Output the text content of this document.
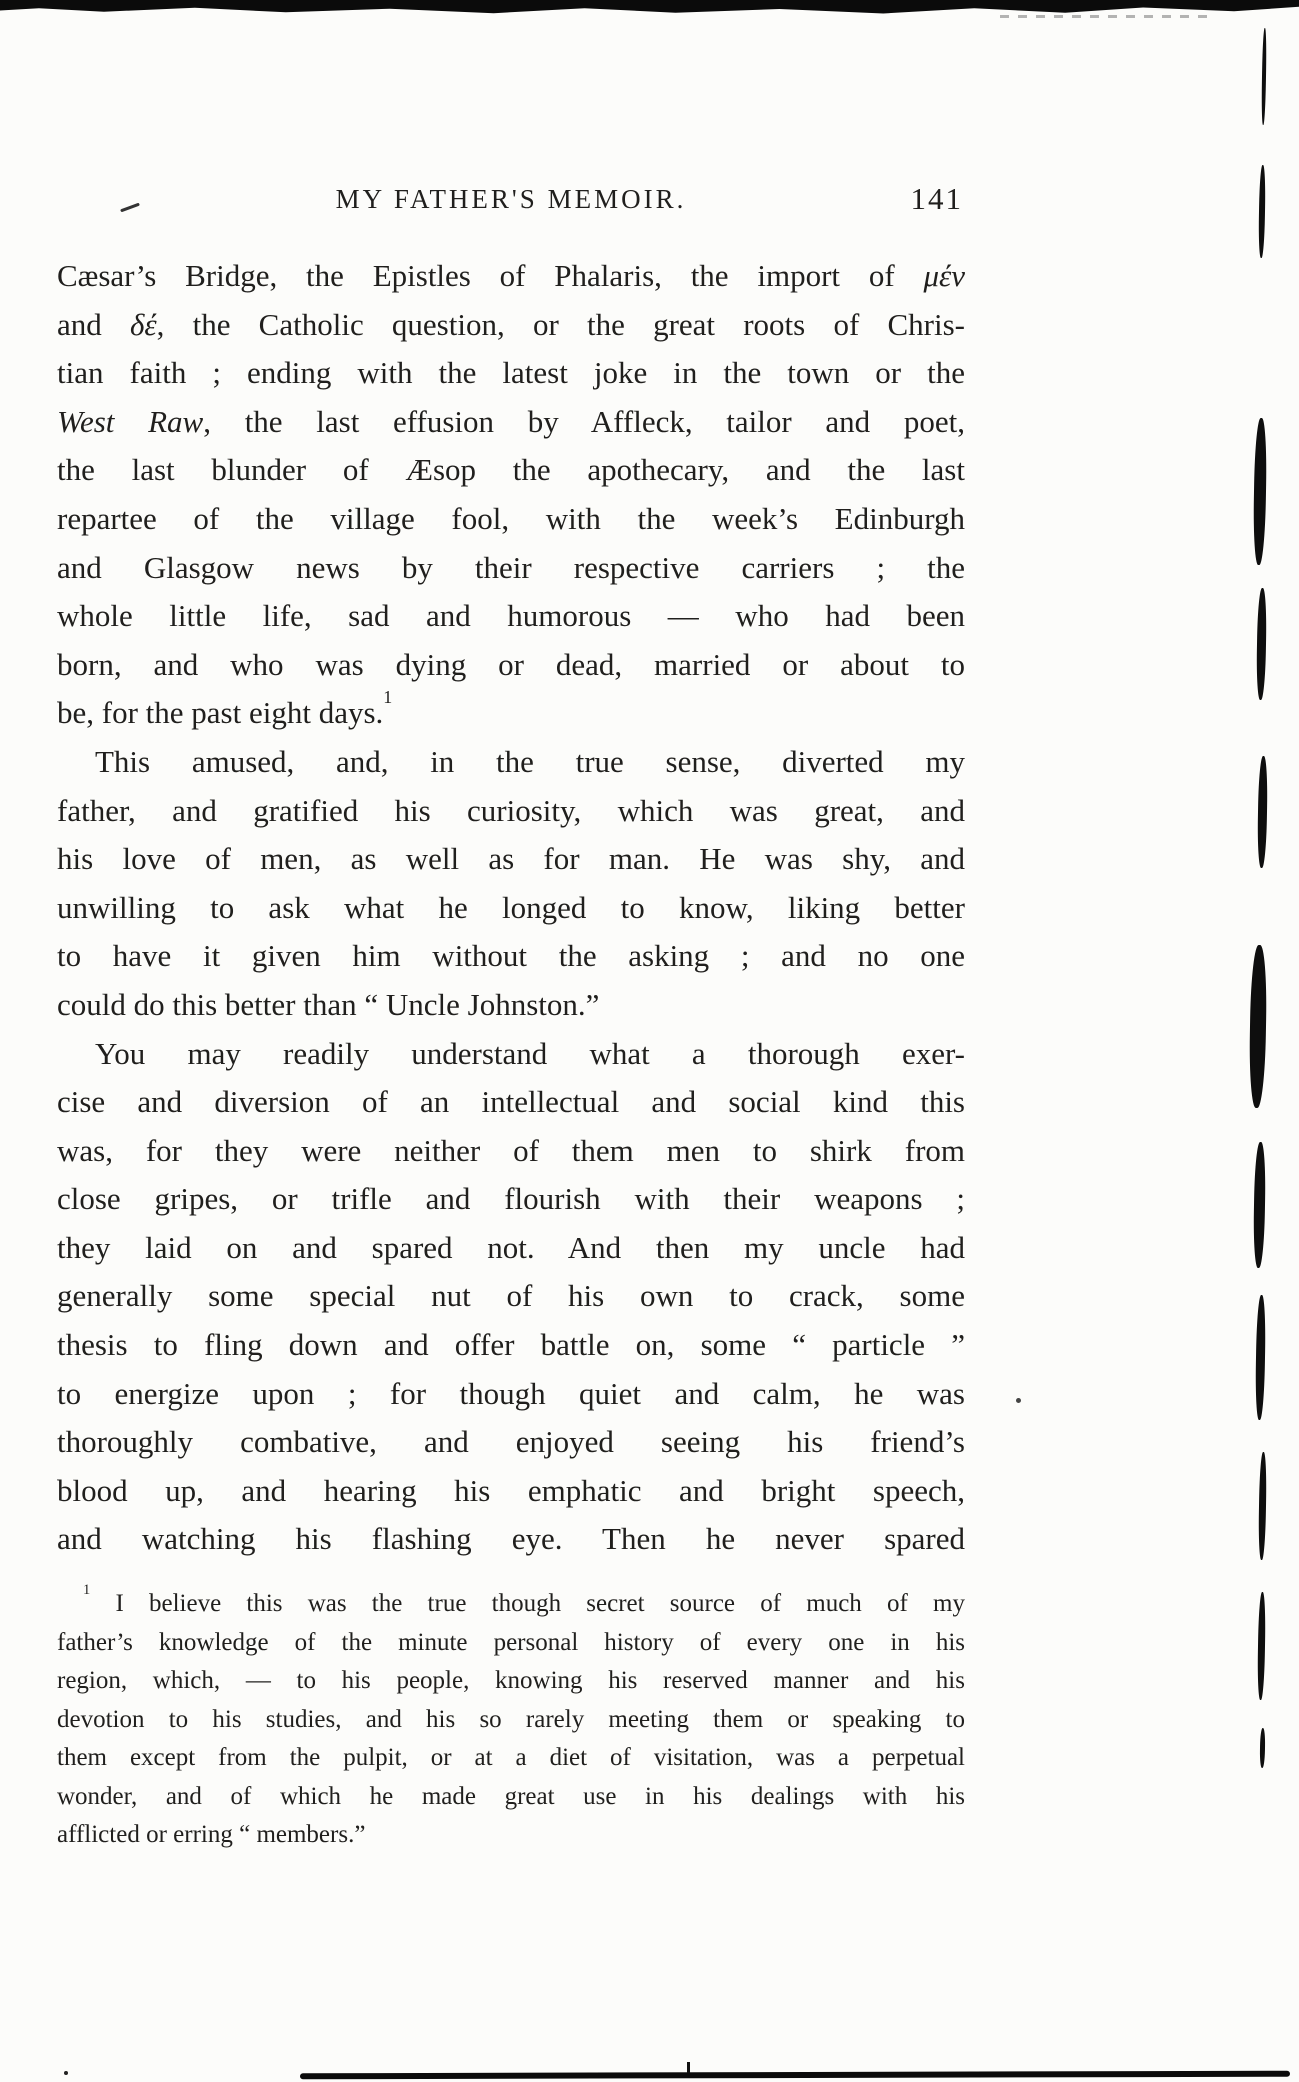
MY FATHER'S MEMOIR.	141
Cæsar’s Bridge, the Epistles of Phalaris, the import of μέν
and δέ, the Catholic question, or the great roots of Chris-
tian faith ; ending with the latest joke in the town or the
West Raw, the last effusion by Affleck, tailor and poet,
the last blunder of Æsop the apothecary, and the last
repartee of the village fool, with the week’s Edinburgh
and Glasgow news by their respective carriers ; the
whole little life, sad and humorous — who had been
born, and who was dying or dead, married or about to
be, for the past eight days.$^1$
This amused, and, in the true sense, diverted my
father, and gratified his curiosity, which was great, and
his love of men, as well as for man. He was shy, and
unwilling to ask what he longed to know, liking better
to have it given him without the asking ; and no one
could do this better than “ Uncle Johnston.”
You may readily understand what a thorough exer-
cise and diversion of an intellectual and social kind this
was, for they were neither of them men to shirk from
close gripes, or trifle and flourish with their weapons ;
they laid on and spared not. And then my uncle had
generally some special nut of his own to crack, some
thesis to fling down and offer battle on, some “ particle ”
to energize upon ; for though quiet and calm, he was
thoroughly combative, and enjoyed seeing his friend’s
blood up, and hearing his emphatic and bright speech,
and watching his flashing eye. Then he never spared
$^1$ I believe this was the true though secret source of much of my
father’s knowledge of the minute personal history of every one in his
region, which, — to his people, knowing his reserved manner and his
devotion to his studies, and his so rarely meeting them or speaking to
them except from the pulpit, or at a diet of visitation, was a perpetual
wonder, and of which he made great use in his dealings with his
afflicted or erring “ members.”
